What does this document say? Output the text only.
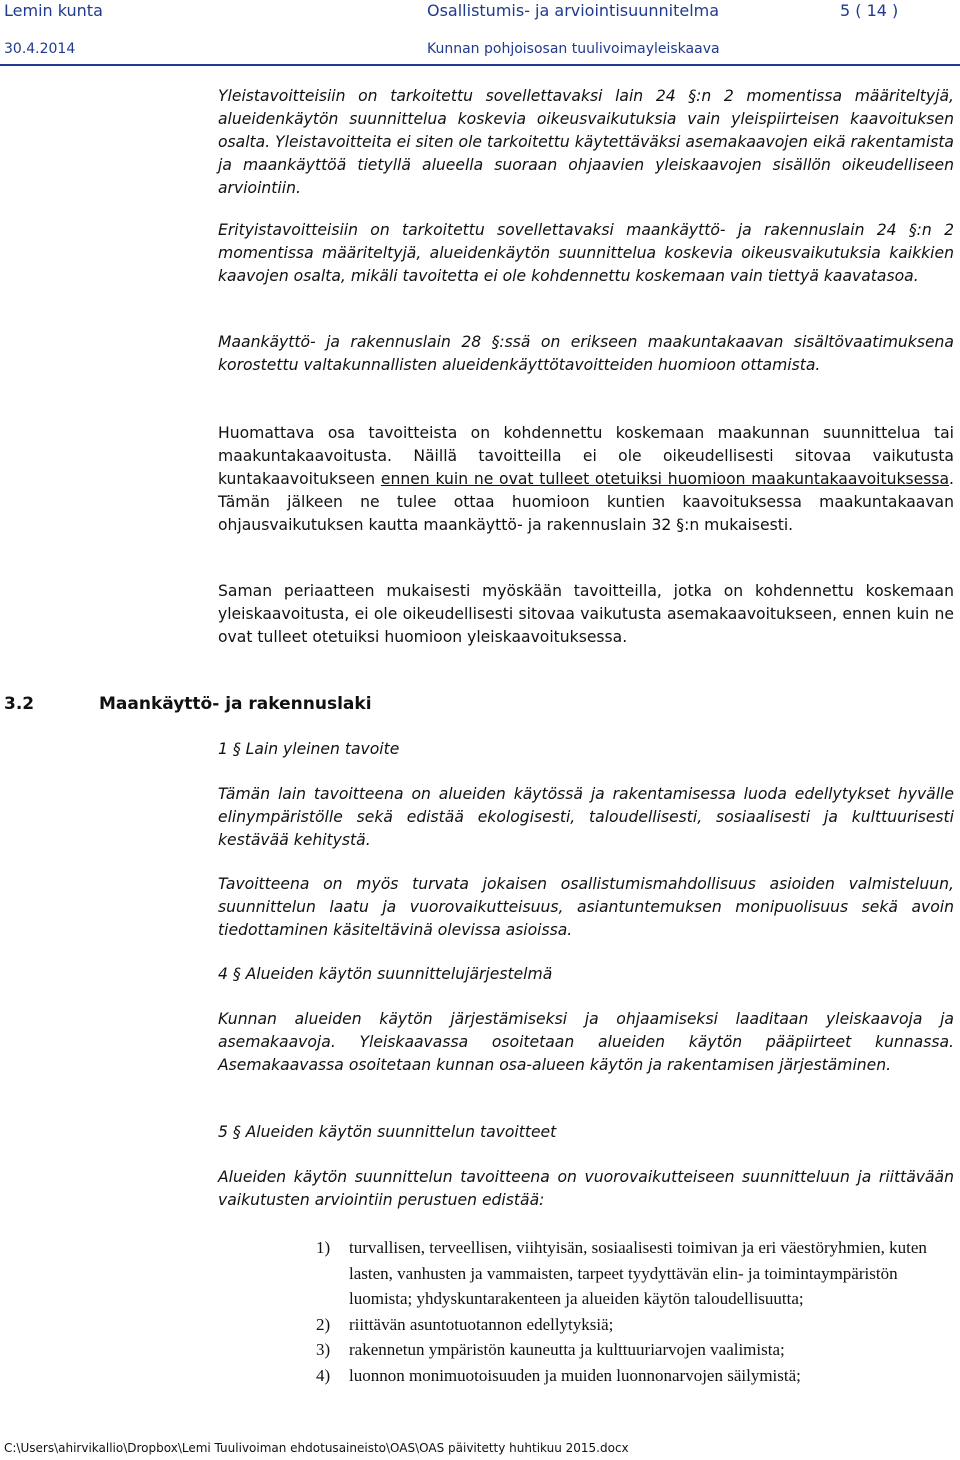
Lemin kunta	Osallistumis- ja arviointisuunnitelma	5 ( 14 )
30.4.2014	Kunnan pohjoisosan tuulivoimayleiskaava

Yleistavoitteisiin on tarkoitettu sovellettavaksi lain 24 §:n 2 momentissa määriteltyjä, alueidenkäytön suunnittelua koskevia oikeusvaikutuksia vain yleispiirteisen kaavoituksen osalta. Yleistavoitteita ei siten ole tarkoitettu käytettäväksi asemakaavojen eikä rakentamista ja maankäyttöä tietyllä alueella suoraan ohjaavien yleiskaavojen sisällön oikeudelliseen arviointiin.

Erityistavoitteisiin on tarkoitettu sovellettavaksi maankäyttö- ja rakennuslain 24 §:n 2 momentissa määriteltyjä, alueidenkäytön suunnittelua koskevia oikeusvaikutuksia kaikkien kaavojen osalta, mikäli tavoitetta ei ole kohdennettu koskemaan vain tiettyä kaavatasoa.

Maankäyttö- ja rakennuslain 28 §:ssä on erikseen maakuntakaavan sisältövaatimuksena korostettu valtakunnallisten alueidenkäyttötavoitteiden huomioon ottamista.

Huomattava osa tavoitteista on kohdennettu koskemaan maakunnan suunnittelua tai maakuntakaavoitusta. Näillä tavoitteilla ei ole oikeudellisesti sitovaa vaikutusta kuntakaavoitukseen ennen kuin ne ovat tulleet otetuiksi huomioon maakuntakaavoituksessa. Tämän jälkeen ne tulee ottaa huomioon kuntien kaavoituksessa maakuntakaavan ohjausvaikutuksen kautta maankäyttö- ja rakennuslain 32 §:n mukaisesti.

Saman periaatteen mukaisesti myöskään tavoitteilla, jotka on kohdennettu koskemaan yleiskaavoitusta, ei ole oikeudellisesti sitovaa vaikutusta asemakaavoitukseen, ennen kuin ne ovat tulleet otetuiksi huomioon yleiskaavoituksessa.

3.2	Maankäyttö- ja rakennuslaki

1 § Lain yleinen tavoite

Tämän lain tavoitteena on alueiden käytössä ja rakentamisessa luoda edellytykset hyvälle elinympäristölle sekä edistää ekologisesti, taloudellisesti, sosiaalisesti ja kulttuurisesti kestävää kehitystä.

Tavoitteena on myös turvata jokaisen osallistumismahdollisuus asioiden valmisteluun, suunnittelun laatu ja vuorovaikutteisuus, asiantuntemuksen monipuolisuus sekä avoin tiedottaminen käsiteltävinä olevissa asioissa.

4 § Alueiden käytön suunnittelujärjestelmä

Kunnan alueiden käytön järjestämiseksi ja ohjaamiseksi laaditaan yleiskaavoja ja asemakaavoja. Yleiskaavassa osoitetaan alueiden käytön pääpiirteet kunnassa. Asemakaavassa osoitetaan kunnan osa-alueen käytön ja rakentamisen järjestäminen.

5 § Alueiden käytön suunnittelun tavoitteet

Alueiden käytön suunnittelun tavoitteena on vuorovaikutteiseen suunnitteluun ja riittävään vaikutusten arviointiin perustuen edistää:

1)	turvallisen, terveellisen, viihtyisän, sosiaalisesti toimivan ja eri väestöryhmien, kuten lasten, vanhusten ja vammaisten, tarpeet tyydyttävän elin- ja toimintaympäristön luomista; yhdyskuntarakenteen ja alueiden käytön taloudellisuutta;
2)	riittävän asuntotuotannon edellytyksiä;
3)	rakennetun ympäristön kauneutta ja kulttuuriarvojen vaalimista;
4)	luonnon monimuotoisuuden ja muiden luonnonarvojen säilymistä;
C:\Users\ahirvikallio\Dropbox\Lemi Tuulivoiman ehdotusaineisto\OAS\OAS päivitetty huhtikuu 2015.docx
